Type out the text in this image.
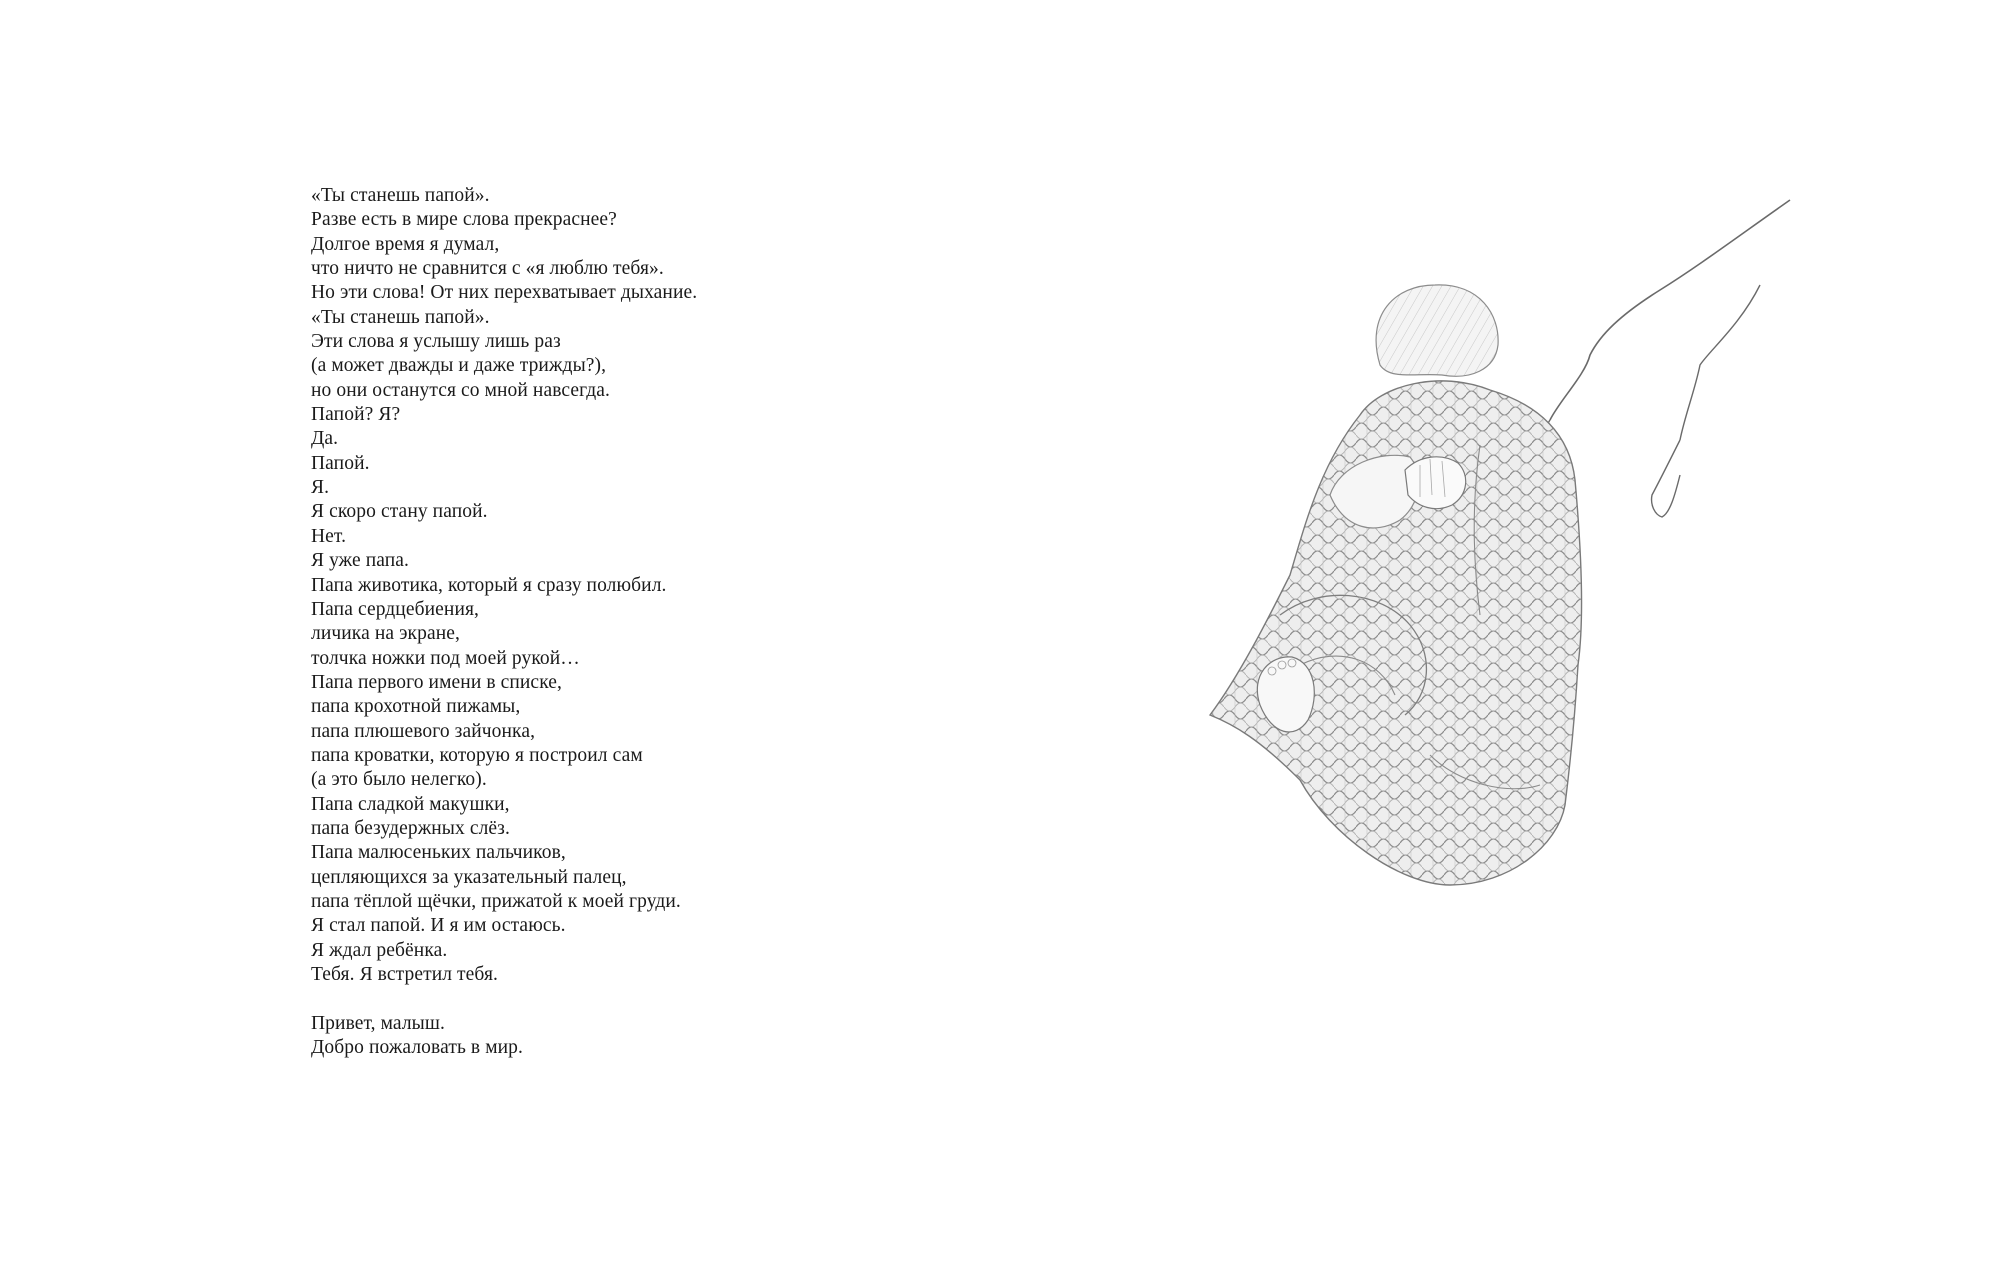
«Ты станешь папой».
Разве есть в мире слова прекраснее?
Долгое время я думал,
что ничто не сравнится с «я люблю тебя».
Но эти слова! От них перехватывает дыхание.
«Ты станешь папой».
Эти слова я услышу лишь раз
(а может дважды и даже трижды?),
но они останутся со мной навсегда.
Папой? Я?
Да.
Папой.
Я.
Я скоро стану папой.
Нет.
Я уже папа.
Папа животика, который я сразу полюбил.
Папа сердцебиения,
личика на экране,
толчка ножки под моей рукой…
Папа первого имени в списке,
папа крохотной пижамы,
папа плюшевого зайчонка,
папа кроватки, которую я построил сам
(а это было нелегко).
Папа сладкой макушки,
папа безудержных слёз.
Папа малюсеньких пальчиков,
цепляющихся за указательный палец,
папа тёплой щёчки, прижатой к моей груди.
Я стал папой. И я им остаюсь.
Я ждал ребёнка.
Тебя. Я встретил тебя.
Привет, малыш.
Добро пожаловать в мир.
